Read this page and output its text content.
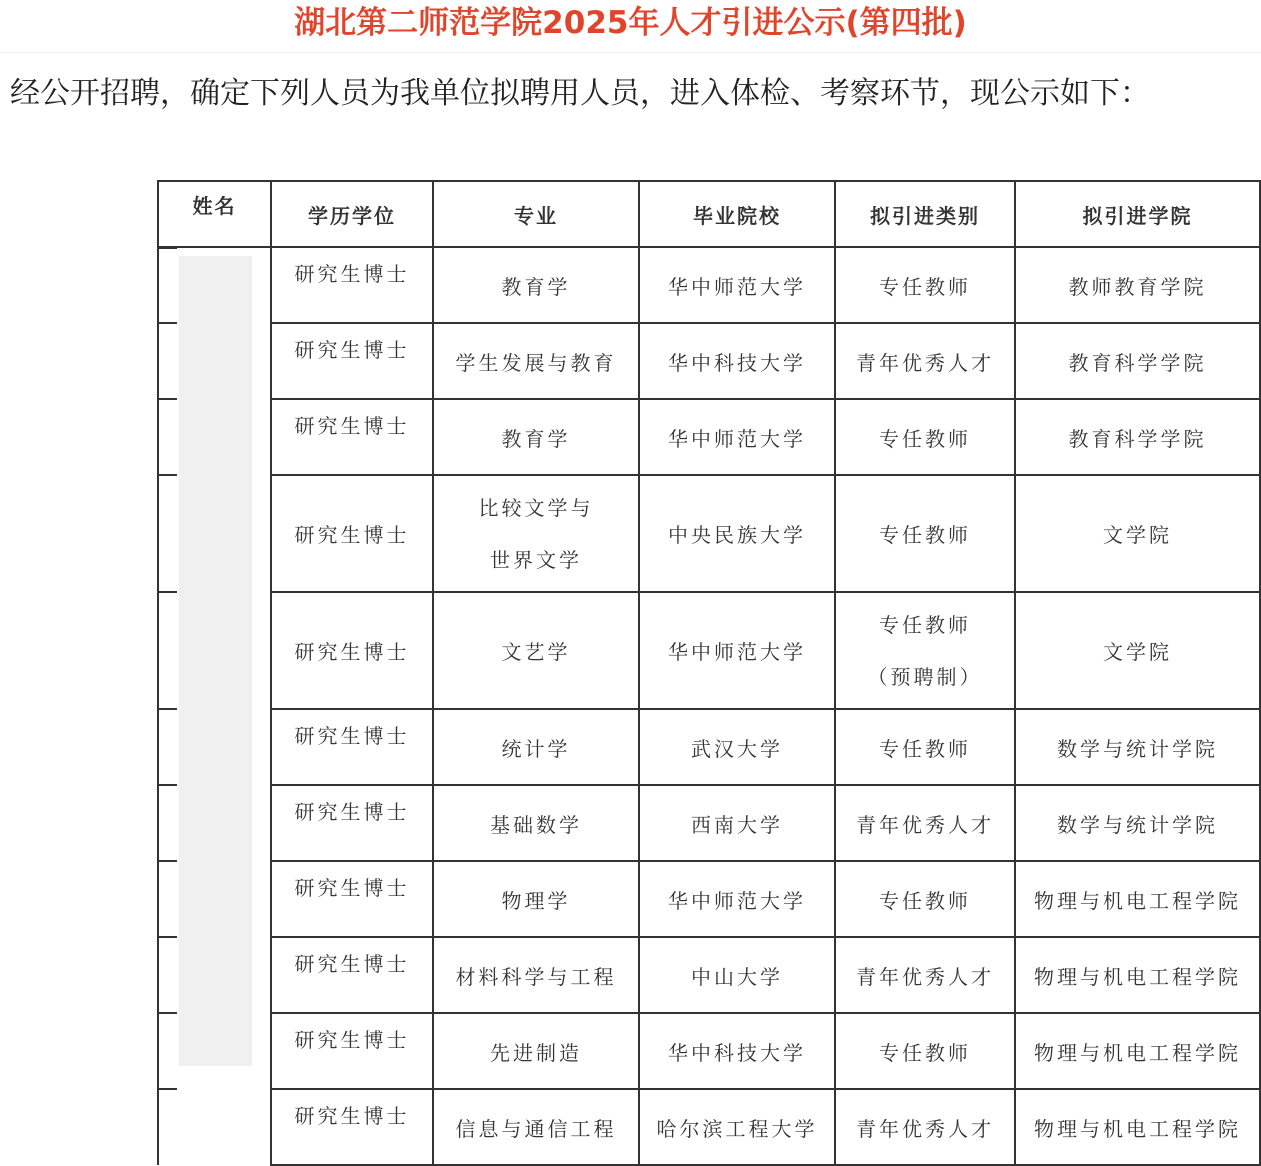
湖北第二师范学院2025年人才引进公示(第四批)
经公开招聘，确定下列人员为我单位拟聘用人员，进入体检、考察环节，现公示如下：
姓名	学历学位	专业	毕业院校	拟引进类别	拟引进学院

	研究生博士	教育学	华中师范大学	专任教师	教师教育学院

	研究生博士	学生发展与教育	华中科技大学	青年优秀人才	教育科学学院

	研究生博士	教育学	华中师范大学	专任教师	教育科学学院

	研究生博士	比较文学与
世界文学	中央民族大学	专任教师	文学院

	研究生博士	文艺学	华中师范大学	专任教师
（预聘制）	文学院

	研究生博士	统计学	武汉大学	专任教师	数学与统计学院

	研究生博士	基础数学	西南大学	青年优秀人才	数学与统计学院

	研究生博士	物理学	华中师范大学	专任教师	物理与机电工程学院

	研究生博士	材料科学与工程	中山大学	青年优秀人才	物理与机电工程学院

	研究生博士	先进制造	华中科技大学	专任教师	物理与机电工程学院

	研究生博士	信息与通信工程	哈尔滨工程大学	青年优秀人才	物理与机电工程学院
